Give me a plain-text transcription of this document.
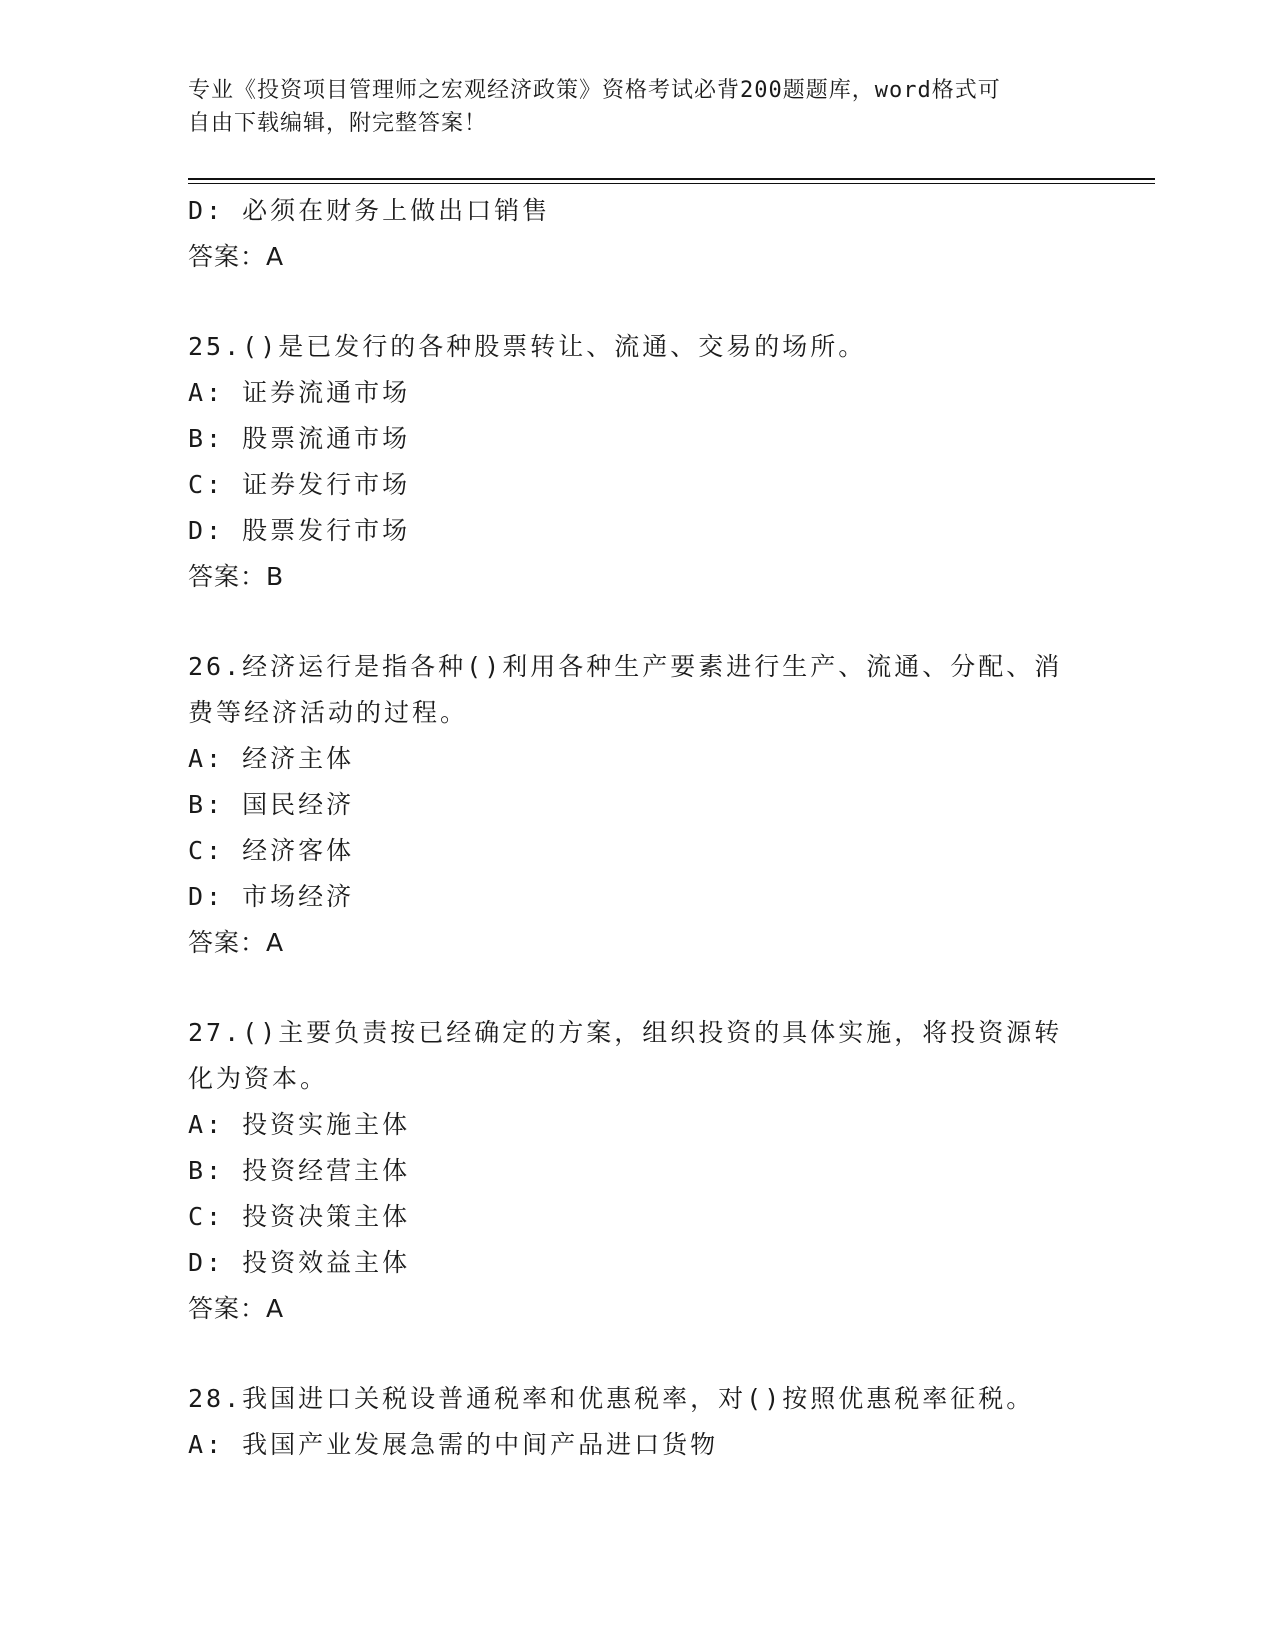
专业《投资项目管理师之宏观经济政策》资格考试必背200题题库，word格式可
自由下载编辑，附完整答案！
D: 必须在财务上做出口销售
答案：A
25.()是已发行的各种股票转让、流通、交易的场所。
A: 证券流通市场
B: 股票流通市场
C: 证券发行市场
D: 股票发行市场
答案：B
26.经济运行是指各种()利用各种生产要素进行生产、流通、分配、消费等经济活动的过程。
A: 经济主体
B: 国民经济
C: 经济客体
D: 市场经济
答案：A
27.()主要负责按已经确定的方案，组织投资的具体实施，将投资源转化为资本。
A: 投资实施主体
B: 投资经营主体
C: 投资决策主体
D: 投资效益主体
答案：A
28.我国进口关税设普通税率和优惠税率，对()按照优惠税率征税。
A: 我国产业发展急需的中间产品进口货物
